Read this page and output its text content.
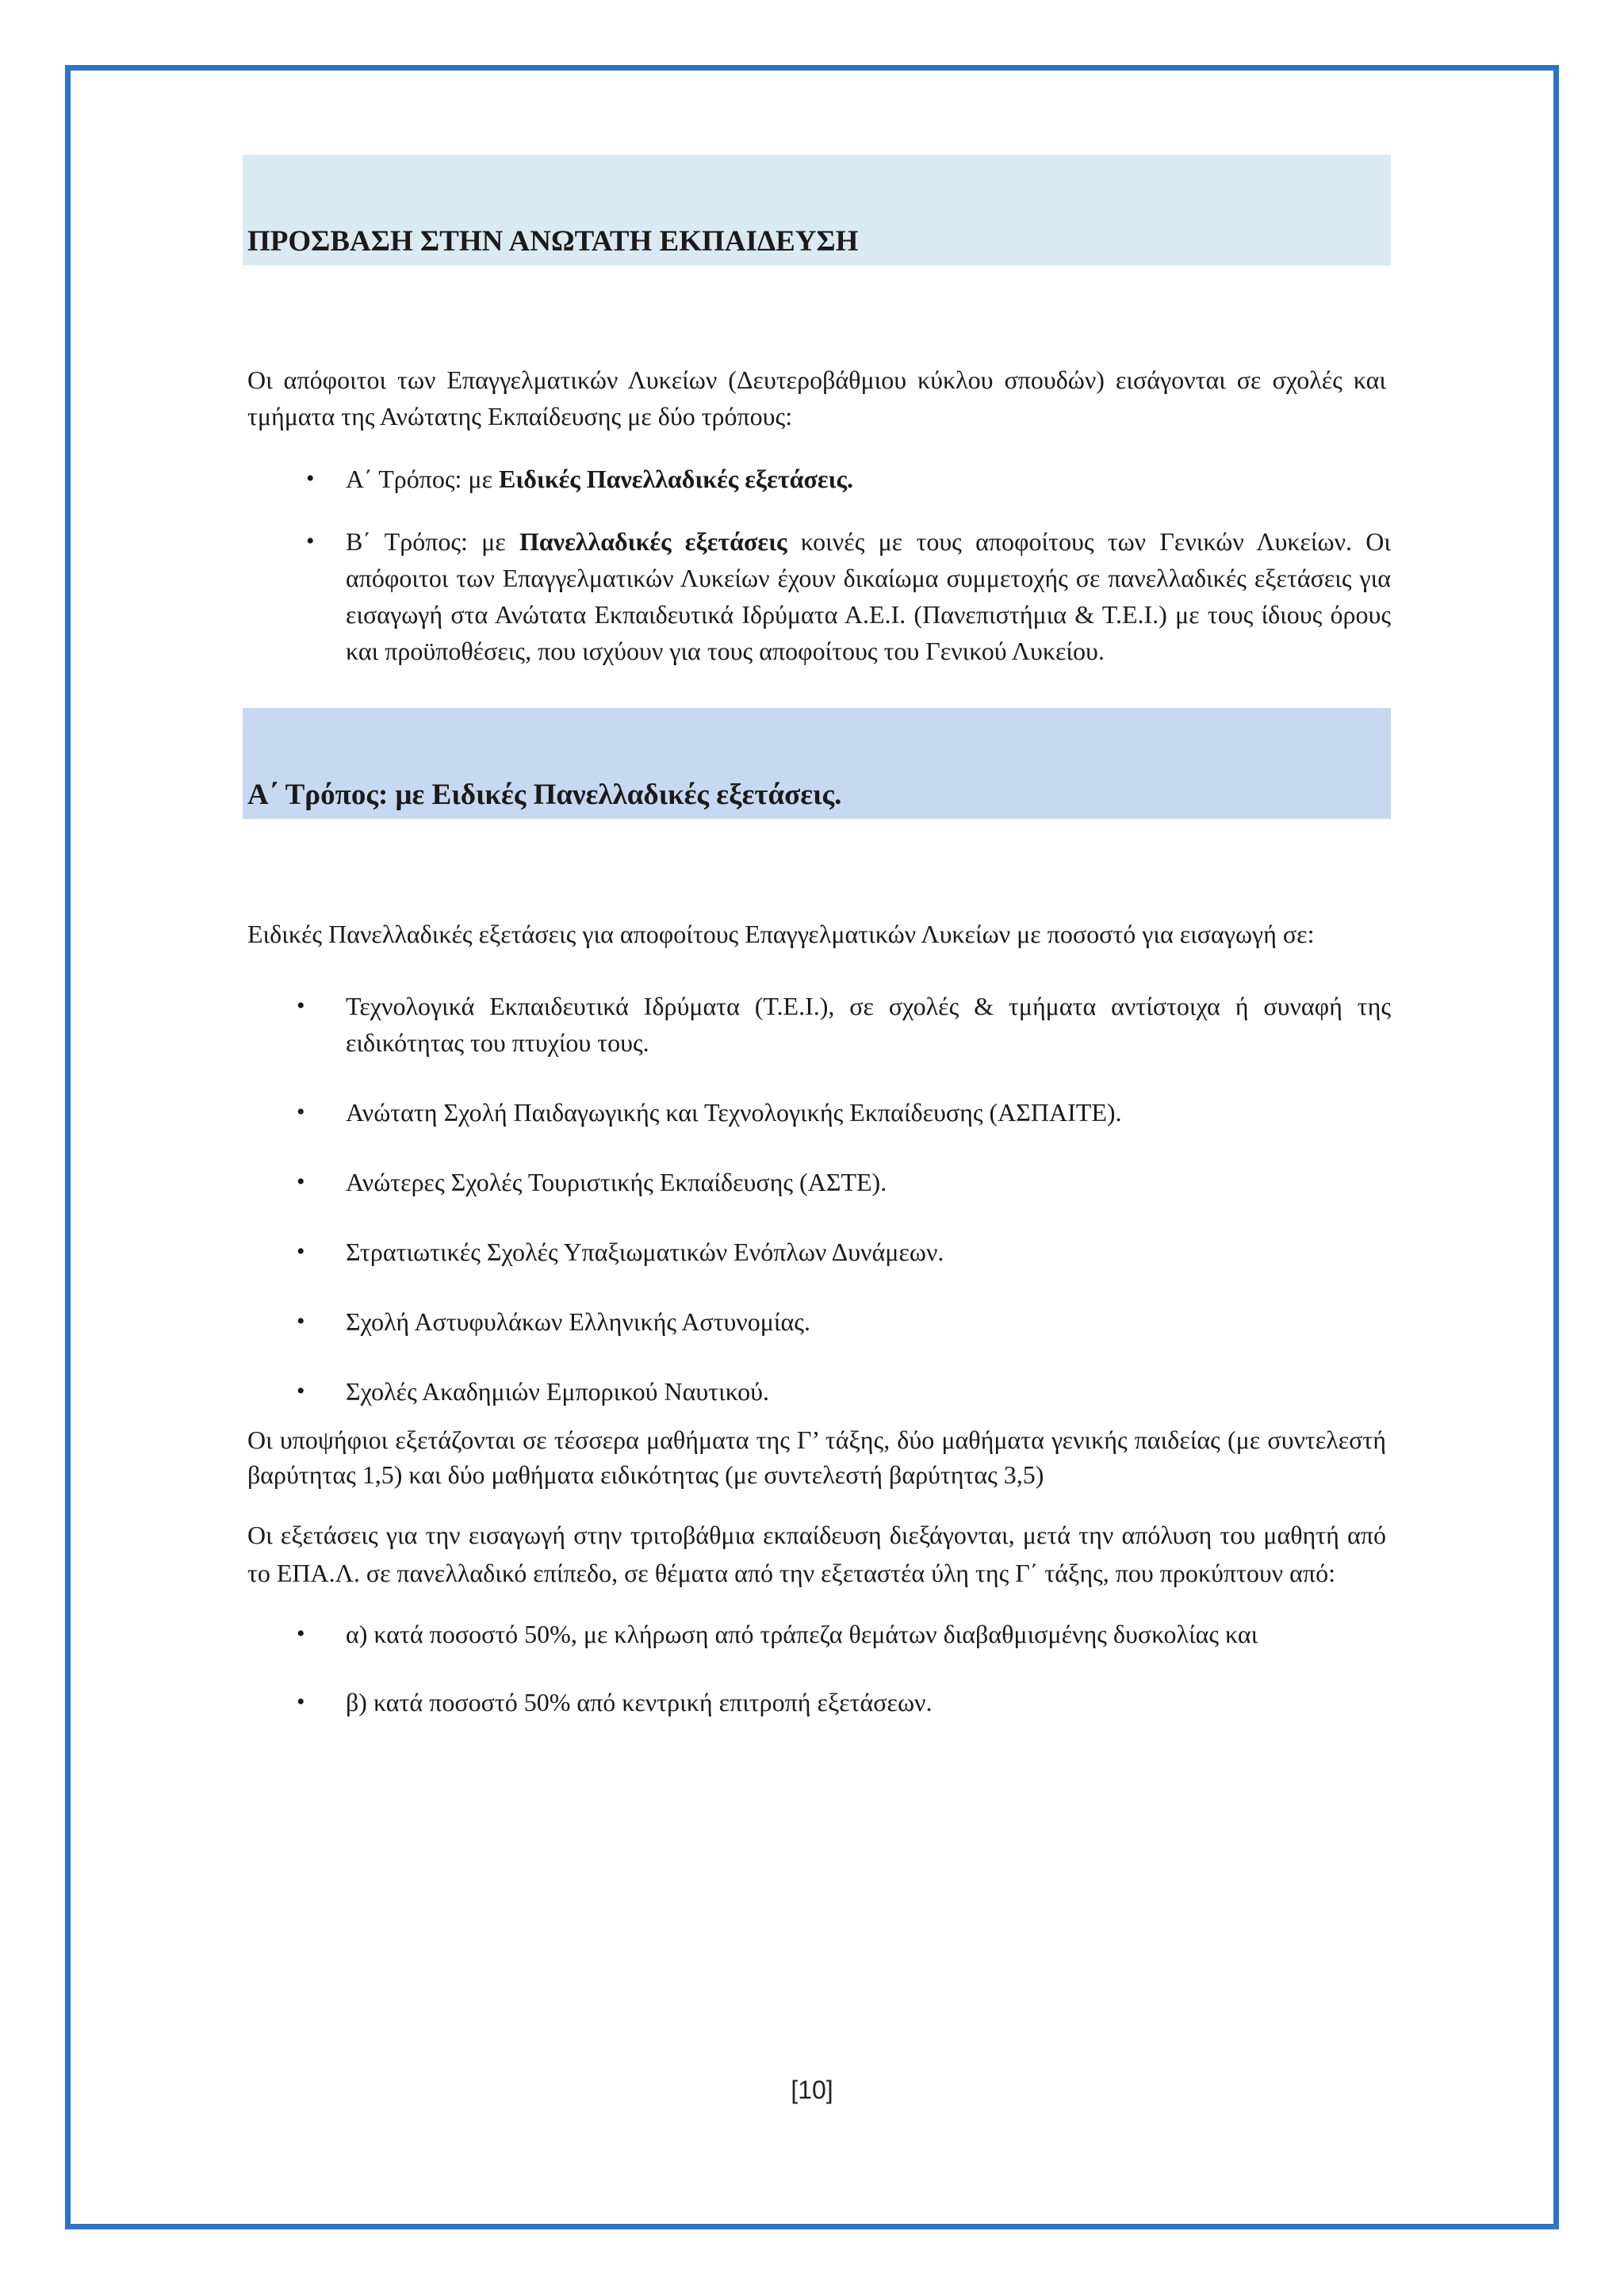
ΠΡΟΣΒΑΣΗ ΣΤΗΝ ΑΝΩΤΑΤΗ ΕΚΠΑΙΔΕΥΣΗ

Οι απόφοιτοι των Επαγγελματικών Λυκείων (Δευτεροβάθμιου κύκλου σπουδών) εισάγονται σε σχολές και τμήματα της Ανώτατης Εκπαίδευσης με δύο τρόπους:

• Α΄ Τρόπος: με Ειδικές Πανελλαδικές εξετάσεις.
• Β΄ Τρόπος: με Πανελλαδικές εξετάσεις κοινές με τους αποφοίτους των Γενικών Λυκείων. Οι απόφοιτοι των Επαγγελματικών Λυκείων έχουν δικαίωμα συμμετοχής σε πανελλαδικές εξετάσεις για εισαγωγή στα Ανώτατα Εκπαιδευτικά Ιδρύματα Α.Ε.Ι. (Πανεπιστήμια & Τ.Ε.Ι.) με τους ίδιους όρους και προϋποθέσεις, που ισχύουν για τους αποφοίτους του Γενικού Λυκείου.
Α΄ Τρόπος: με Ειδικές Πανελλαδικές εξετάσεις.

Ειδικές Πανελλαδικές εξετάσεις για αποφοίτους Επαγγελματικών Λυκείων με ποσοστό για εισαγωγή σε:

• Τεχνολογικά Εκπαιδευτικά Ιδρύματα (Τ.Ε.Ι.), σε σχολές & τμήματα αντίστοιχα ή συναφή της ειδικότητας του πτυχίου τους.
• Ανώτατη Σχολή Παιδαγωγικής και Τεχνολογικής Εκπαίδευσης (ΑΣΠΑΙΤΕ).
• Ανώτερες Σχολές Τουριστικής Εκπαίδευσης (ΑΣΤΕ).
• Στρατιωτικές Σχολές Υπαξιωματικών Ενόπλων Δυνάμεων.
• Σχολή Αστυφυλάκων Ελληνικής Αστυνομίας.
• Σχολές Ακαδημιών Εμπορικού Ναυτικού.

Οι υποψήφιοι εξετάζονται σε τέσσερα μαθήματα της Γ’ τάξης, δύο μαθήματα γενικής παιδείας (με συντελεστή βαρύτητας 1,5) και δύο μαθήματα ειδικότητας (με συντελεστή βαρύτητας 3,5)

Οι εξετάσεις για την εισαγωγή στην τριτοβάθμια εκπαίδευση διεξάγονται, μετά την απόλυση του μαθητή από το ΕΠΑ.Λ. σε πανελλαδικό επίπεδο, σε θέματα από την εξεταστέα ύλη της Γ΄ τάξης, που προκύπτουν από:

• α) κατά ποσοστό 50%, με κλήρωση από τράπεζα θεμάτων διαβαθμισμένης δυσκολίας και
• β) κατά ποσοστό 50% από κεντρική επιτροπή εξετάσεων.
[10]
